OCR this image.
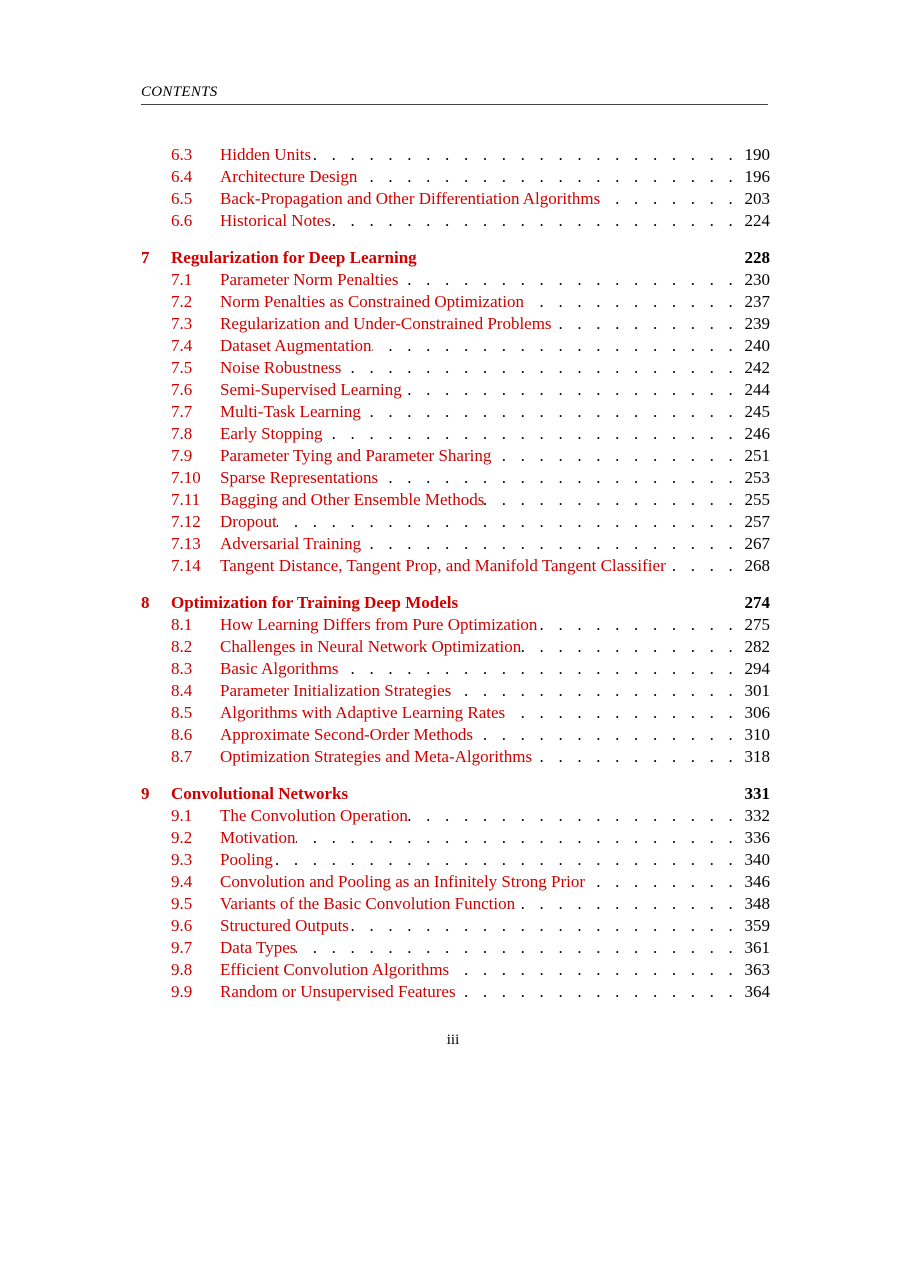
CONTENTS
6.3	Hidden Units . . .	190
6.4	Architecture Design . . .	196
6.5	Back-Propagation and Other Differentiation Algorithms . . .	203
6.6	Historical Notes . . .	224
7	Regularization for Deep Learning	228
7.1	Parameter Norm Penalties . . .	230
7.2	Norm Penalties as Constrained Optimization . . .	237
7.3	Regularization and Under-Constrained Problems . . .	239
7.4	Dataset Augmentation . . .	240
7.5	Noise Robustness . . .	242
7.6	Semi-Supervised Learning . . .	244
7.7	Multi-Task Learning . . .	245
7.8	Early Stopping . . .	246
7.9	Parameter Tying and Parameter Sharing . . .	251
7.10	Sparse Representations . . .	253
7.11	Bagging and Other Ensemble Methods . . .	255
7.12	Dropout . . .	257
7.13	Adversarial Training . . .	267
7.14	Tangent Distance, Tangent Prop, and Manifold Tangent Classifier . . .	268
8	Optimization for Training Deep Models	274
8.1	How Learning Differs from Pure Optimization . . .	275
8.2	Challenges in Neural Network Optimization . . .	282
8.3	Basic Algorithms . . .	294
8.4	Parameter Initialization Strategies . . .	301
8.5	Algorithms with Adaptive Learning Rates . . .	306
8.6	Approximate Second-Order Methods . . .	310
8.7	Optimization Strategies and Meta-Algorithms . . .	318
9	Convolutional Networks	331
9.1	The Convolution Operation . . .	332
9.2	Motivation . . .	336
9.3	Pooling . . .	340
9.4	Convolution and Pooling as an Infinitely Strong Prior . . .	346
9.5	Variants of the Basic Convolution Function . . .	348
9.6	Structured Outputs . . .	359
9.7	Data Types . . .	361
9.8	Efficient Convolution Algorithms . . .	363
9.9	Random or Unsupervised Features . . .	364
iii
